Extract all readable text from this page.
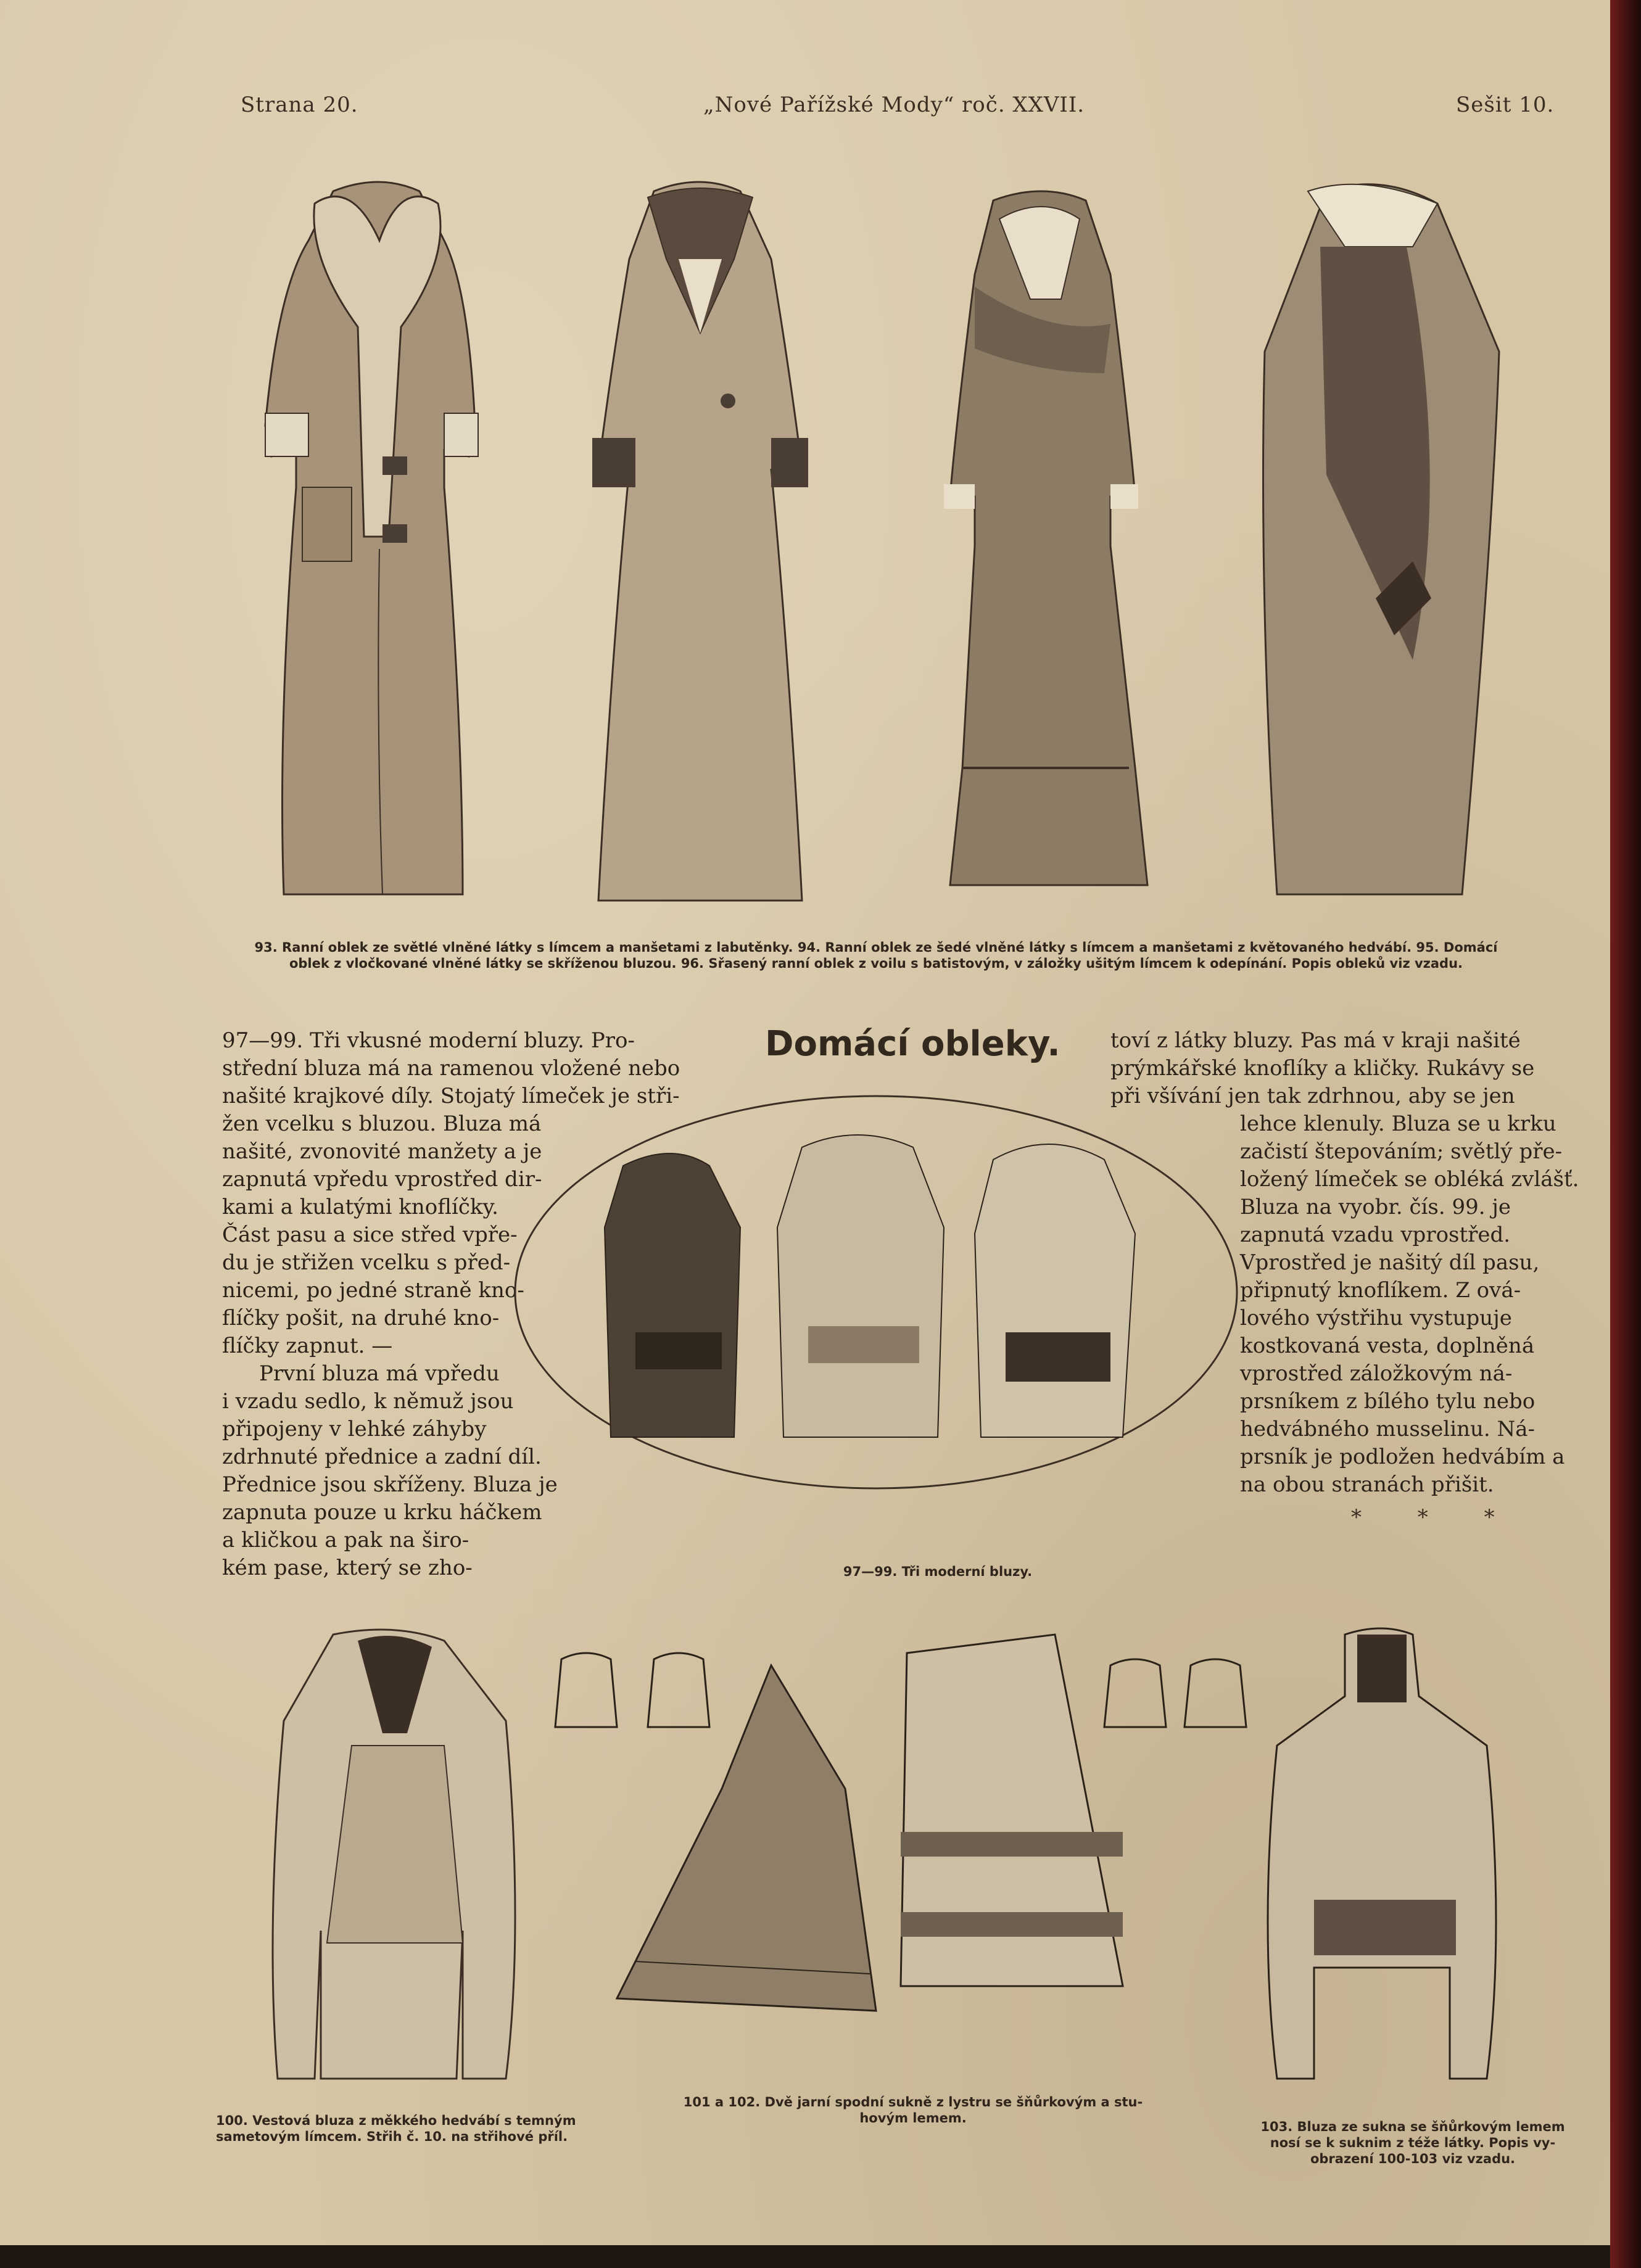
Strana 20.	„Nové Pařížské Mody“ roč. XXVII.	Sešit 10.
93. Ranní oblek ze světlé vlněné látky s límcem a manšetami z labutěnky. 94. Ranní oblek ze šedé vlněné látky s límcem a manšetami z květovaného hedvábí. 95. Domácí
oblek z vločkované vlněné látky se skříženou bluzou. 96. Sřasený ranní oblek z voilu s batistovým, v záložky ušitým límcem k odepínání. Popis obleků viz vzadu.
97—99. Tři vkusné moderní bluzy. Pro-
střední bluza má na ramenou vložené nebo
našité krajkové díly. Stojatý límeček je stři-
žen vcelku s bluzou. Bluza má
našité, zvonovité manžety a je
zapnutá vpředu vprostřed dir-
kami a kulatými knoflíčky.
Část pasu a sice střed vpře-
du je střižen vcelku s před-
nicemi, po jedné straně kno-
flíčky pošit, na druhé kno-
flíčky zapnut. —
První bluza má vpředu
i vzadu sedlo, k němuž jsou
připojeny v lehké záhyby
zdrhnuté přednice a zadní díl.
Přednice jsou skříženy. Bluza je
zapnuta pouze u krku háčkem
a kličkou a pak na širo-
kém pase, který se zho-
Domácí obleky. toví z látky bluzy. Pas má v kraji našité
prýmkářské knoflíky a kličky. Rukávy se
při všívání jen tak zdrhnou, aby se jen
lehce klenuly. Bluza se u krku
začistí štepováním; světlý pře-
ložený límeček se obléká zvlášť.
Bluza na vyobr. čís. 99. je
zapnutá vzadu vprostřed.
Vprostřed je našitý díl pasu,
připnutý knoflíkem. Z ová-
lového výstřihu vystupuje
kostkovaná vesta, doplněná
vprostřed záložkovým ná-
prsníkem z bílého tylu nebo
hedvábného musselinu. Ná-
prsník je podložen hedvábím a
na obou stranách přišit.
* * *
97—99. Tři moderní bluzy.
100. Vestová bluza z měkkého hedvábí s temným
sametovým límcem. Střih č. 10. na střihové příl.
101 a 102. Dvě jarní spodní sukně z lystru se šňůrkovým a stu-
hovým lemem.
103. Bluza ze sukna se šňůrkovým lemem
nosí se k suknim z téže látky. Popis vy-
obrazení 100-103 viz vzadu.
